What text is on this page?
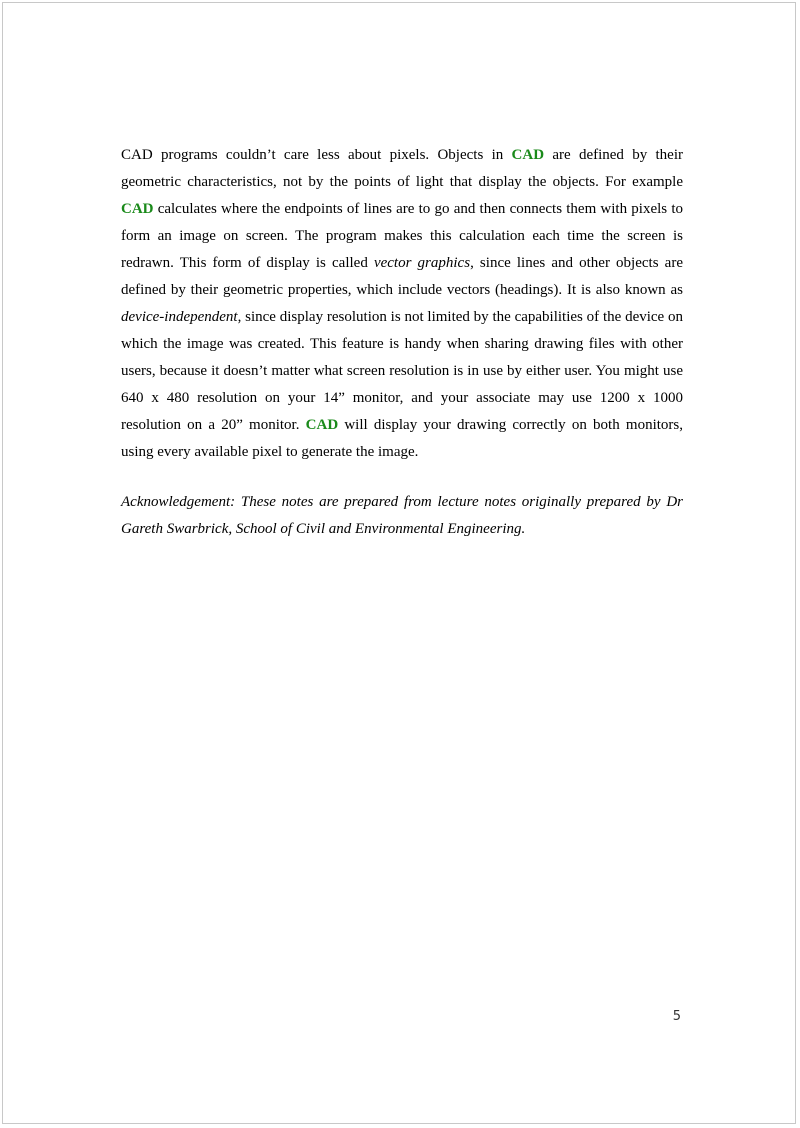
CAD programs couldn’t care less about pixels. Objects in CAD are defined by their geometric characteristics, not by the points of light that display the objects. For example CAD calculates where the endpoints of lines are to go and then connects them with pixels to form an image on screen. The program makes this calculation each time the screen is redrawn. This form of display is called vector graphics, since lines and other objects are defined by their geometric properties, which include vectors (headings). It is also known as device-independent, since display resolution is not limited by the capabilities of the device on which the image was created. This feature is handy when sharing drawing files with other users, because it doesn’t matter what screen resolution is in use by either user. You might use 640 x 480 resolution on your 14” monitor, and your associate may use 1200 x 1000 resolution on a 20” monitor. CAD will display your drawing correctly on both monitors, using every available pixel to generate the image.

Acknowledgement: These notes are prepared from lecture notes originally prepared by Dr Gareth Swarbrick, School of Civil and Environmental Engineering.

5
